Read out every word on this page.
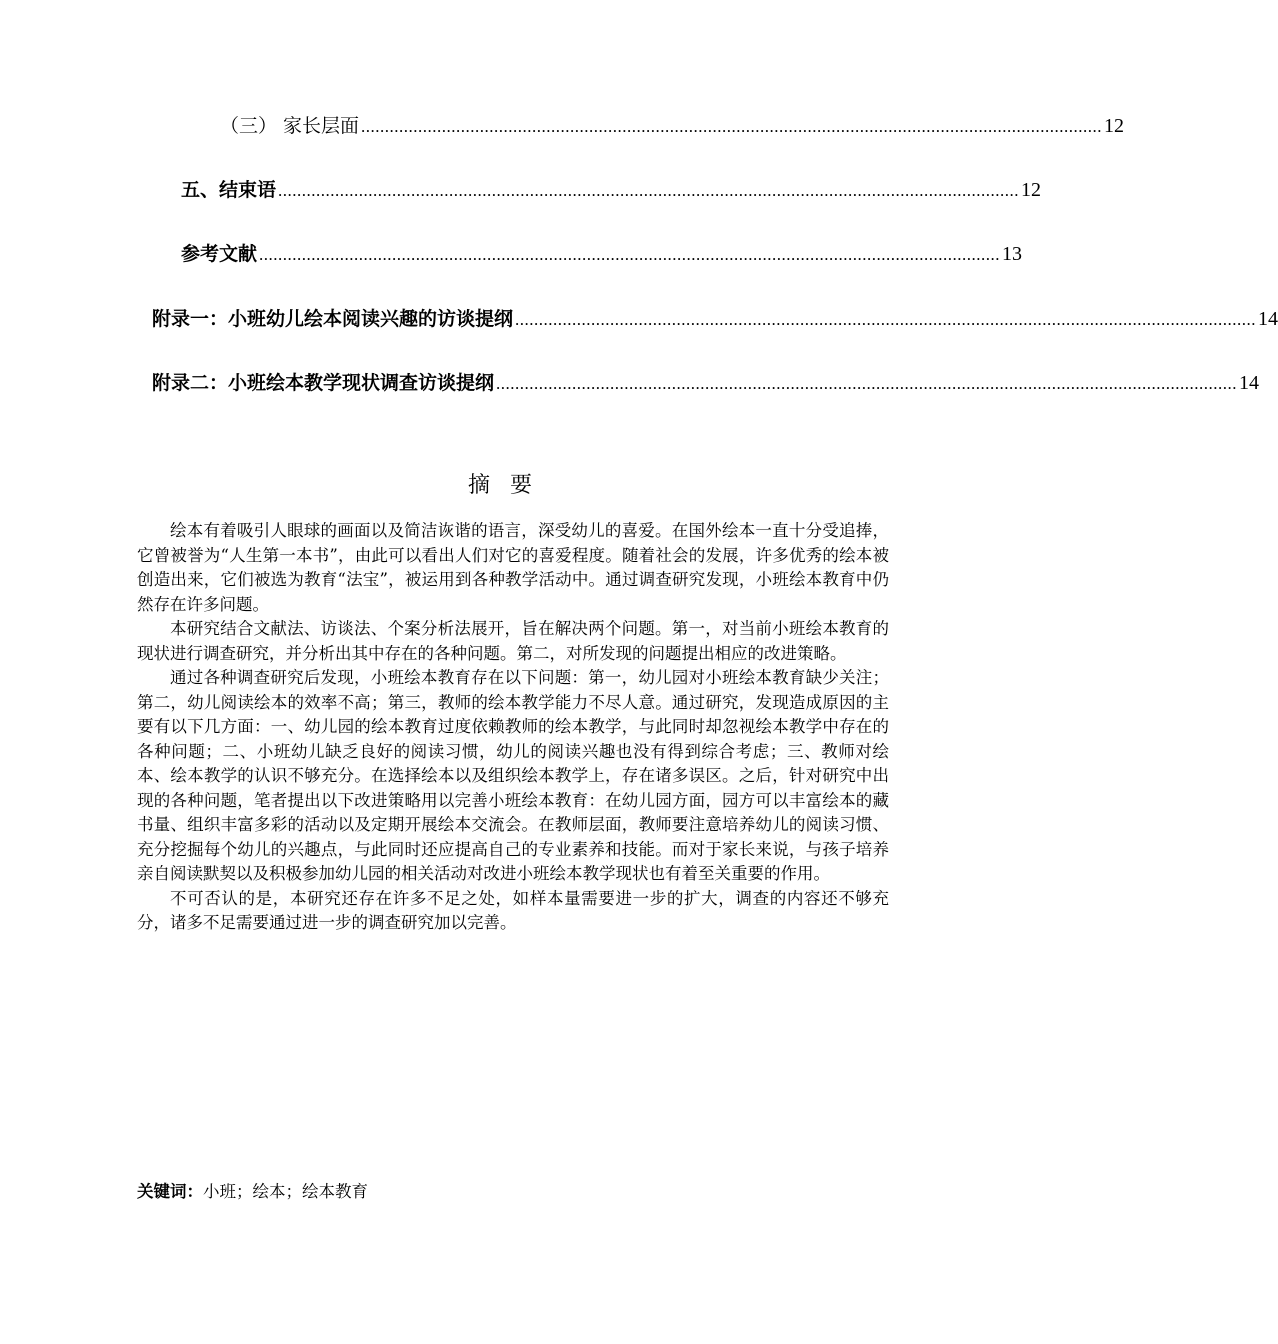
（三） 家长层面 ............................................................................................................................................................ 12
五、结束语 ............................................................................................................................................................ 12
参考文献 ............................................................................................................................................................ 13
附录一：小班幼儿绘本阅读兴趣的访谈提纲 ............................................................................................................................................................ 14
附录二：小班绘本教学现状调查访谈提纲 ............................................................................................................................................................ 14
摘要

绘本有着吸引人眼球的画面以及简洁诙谐的语言，深受幼儿的喜爱。在国外绘本一直十分受追捧，它曾被誉为“人生第一本书”，由此可以看出人们对它的喜爱程度。随着社会的发展，许多优秀的绘本被创造出来，它们被选为教育“法宝”，被运用到各种教学活动中。通过调查研究发现，小班绘本教育中仍然存在许多问题。

本研究结合文献法、访谈法、个案分析法展开，旨在解决两个问题。第一，对当前小班绘本教育的现状进行调查研究，并分析出其中存在的各种问题。第二，对所发现的问题提出相应的改进策略。

通过各种调查研究后发现，小班绘本教育存在以下问题：第一，幼儿园对小班绘本教育缺少关注；第二，幼儿阅读绘本的效率不高；第三，教师的绘本教学能力不尽人意。通过研究，发现造成原因的主要有以下几方面：一、幼儿园的绘本教育过度依赖教师的绘本教学，与此同时却忽视绘本教学中存在的各种问题；二、小班幼儿缺乏良好的阅读习惯，幼儿的阅读兴趣也没有得到综合考虑；三、教师对绘本、绘本教学的认识不够充分。在选择绘本以及组织绘本教学上，存在诸多误区。之后，针对研究中出现的各种问题，笔者提出以下改进策略用以完善小班绘本教育：在幼儿园方面，园方可以丰富绘本的藏书量、组织丰富多彩的活动以及定期开展绘本交流会。在教师层面，教师要注意培养幼儿的阅读习惯、充分挖掘每个幼儿的兴趣点，与此同时还应提高自己的专业素养和技能。而对于家长来说，与孩子培养亲自阅读默契以及积极参加幼儿园的相关活动对改进小班绘本教学现状也有着至关重要的作用。

不可否认的是，本研究还存在许多不足之处，如样本量需要进一步的扩大，调查的内容还不够充分，诸多不足需要通过进一步的调查研究加以完善。

关键词：小班；绘本；绘本教育
